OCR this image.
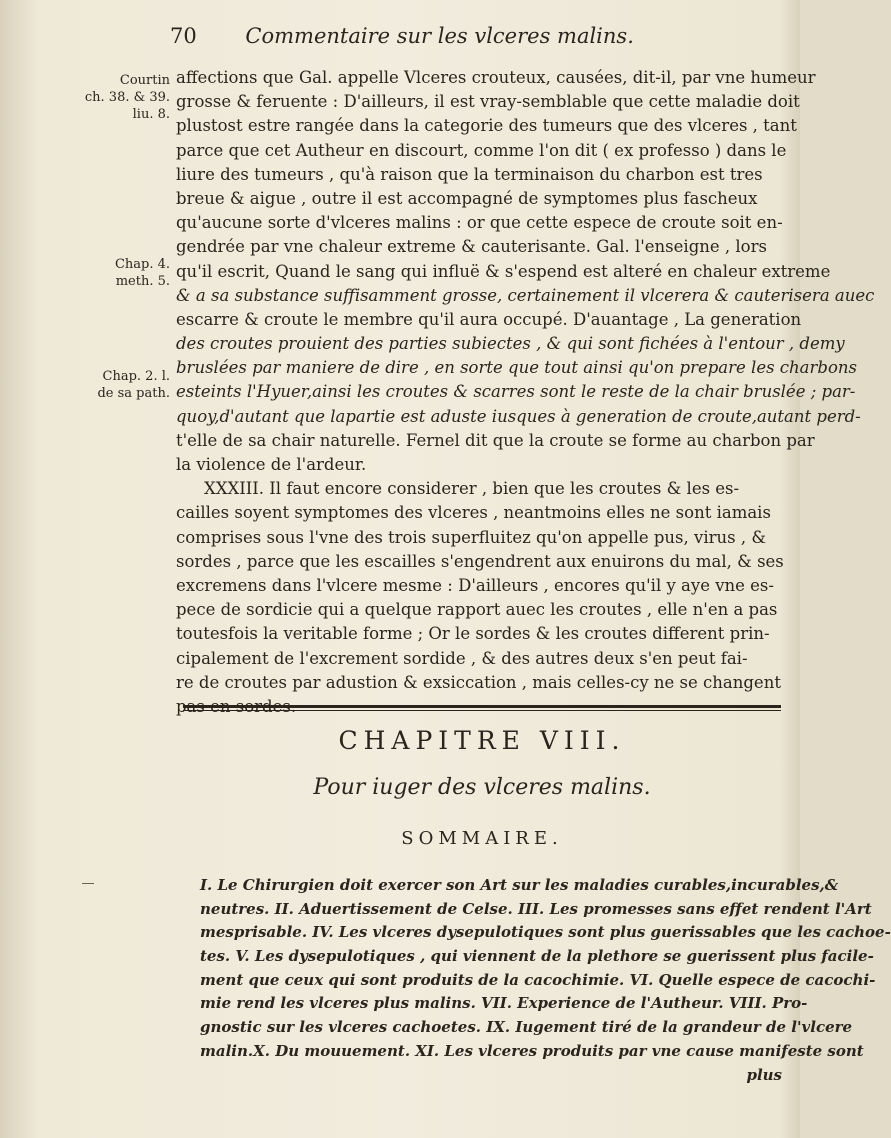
70 Commentaire sur les vlceres malins.
Courtin
ch. 38. & 39.
liu. 8.
Chap. 4.
meth. 5.
Chap. 2. l.
de sa path.
affections que Gal. appelle Vlceres crouteux, causées, dit-il, par vne humeur
grosse & feruente : D'ailleurs, il est vray-semblable que cette maladie doit
plustost estre rangée dans la categorie des tumeurs que des vlceres , tant
parce que cet Autheur en discourt, comme l'on dit ( ex professo ) dans le
liure des tumeurs , qu'à raison que la terminaison du charbon est tres
breue & aigue , outre il est accompagné de symptomes plus fascheux
qu'aucune sorte d'vlceres malins : or que cette espece de croute soit en-
gendrée par vne chaleur extreme & cauterisante. Gal. l'enseigne , lors
qu'il escrit, Quand le sang qui influë & s'espend est alteré en chaleur extreme
& a sa substance suffisamment grosse, certainement il vlcerera & cauterisera auec
escarre & croute le membre qu'il aura occupé. D'auantage , La generation
des croutes prouient des parties subiectes , & qui sont fichées à l'entour , demy
bruslées par maniere de dire , en sorte que tout ainsi qu'on prepare les charbons
esteints l'Hyuer,ainsi les croutes & scarres sont le reste de la chair bruslée ; par-
quoy,d'autant que lapartie est aduste iusques à generation de croute,autant perd-
t'elle de sa chair naturelle. Fernel dit que la croute se forme au charbon par
la violence de l'ardeur.
XXXIII. Il faut encore considerer , bien que les croutes & les es-
cailles soyent symptomes des vlceres , neantmoins elles ne sont iamais
comprises sous l'vne des trois superfluitez qu'on appelle pus, virus , &
sordes , parce que les escailles s'engendrent aux enuirons du mal, & ses
excremens dans l'vlcere mesme : D'ailleurs , encores qu'il y aye vne es-
pece de sordicie qui a quelque rapport auec les croutes , elle n'en a pas
toutesfois la veritable forme ; Or le sordes & les croutes different prin-
cipalement de l'excrement sordide , & des autres deux s'en peut fai-
re de croutes par adustion & exsiccation , mais celles-cy ne se changent
pas en sordes.
CHAPITRE VIII.
Pour iuger des vlceres malins.
SOMMAIRE.
I. Le Chirurgien doit exercer son Art sur les maladies curables,incurables,&
neutres. II. Aduertissement de Celse. III. Les promesses sans effet rendent l'Art
mesprisable. IV. Les vlceres dysepulotiques sont plus guerissables que les cachoe-
tes. V. Les dysepulotiques , qui viennent de la plethore se guerissent plus facile-
ment que ceux qui sont produits de la cacochimie. VI. Quelle espece de cacochi-
mie rend les vlceres plus malins. VII. Experience de l'Autheur. VIII. Pro-
gnostic sur les vlceres cachoetes. IX. Iugement tiré de la grandeur de l'vlcere
malin.X. Du mouuement. XI. Les vlceres produits par vne cause manifeste sont
plus
